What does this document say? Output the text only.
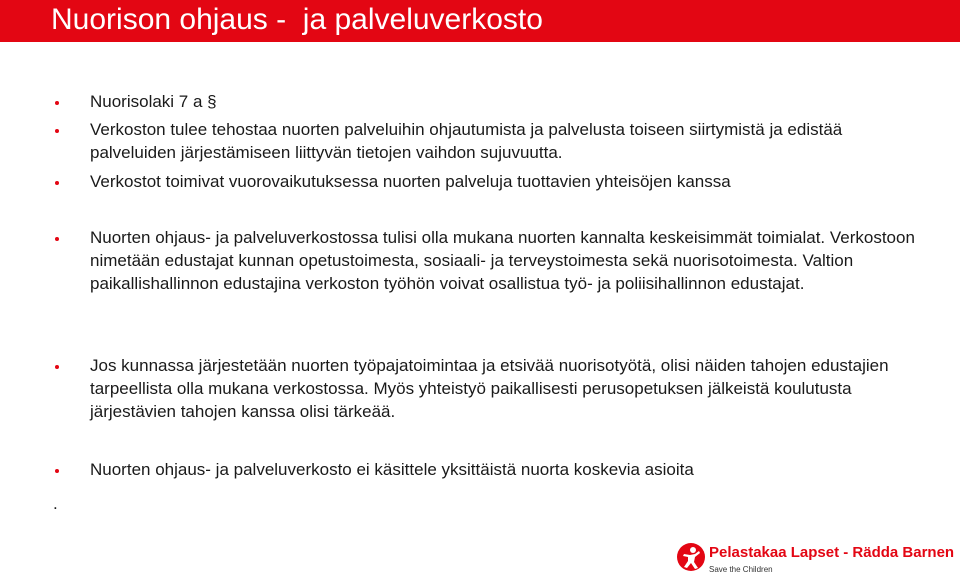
Nuorison ohjaus -  ja palveluverkosto
Nuorisolaki 7 a §
Verkoston tulee tehostaa nuorten palveluihin ohjautumista ja palvelusta toiseen siirtymistä ja edistää palveluiden järjestämiseen liittyvän tietojen vaihdon sujuvuutta.
Verkostot toimivat vuorovaikutuksessa nuorten palveluja tuottavien yhteisöjen kanssa
Nuorten ohjaus- ja palveluverkostossa tulisi olla mukana nuorten kannalta keskeisimmät toimialat. Verkostoon nimetään edustajat kunnan opetustoimesta, sosiaali- ja terveystoimesta sekä nuorisotoimesta. Valtion paikallishallinnon edustajina verkoston työhön voivat osallistua työ- ja poliisihallinnon edustajat.
Jos kunnassa järjestetään nuorten työpajatoimintaa ja etsivää nuorisotyötä, olisi näiden tahojen edustajien tarpeellista olla mukana verkostossa. Myös yhteistyö paikallisesti perusopetuksen jälkeistä koulutusta järjestävien tahojen kanssa olisi tärkeää.
Nuorten ohjaus- ja palveluverkosto ei käsittele yksittäistä nuorta koskevia asioita
.
Pelastakaa Lapset - Rädda Barnen
Save the Children
